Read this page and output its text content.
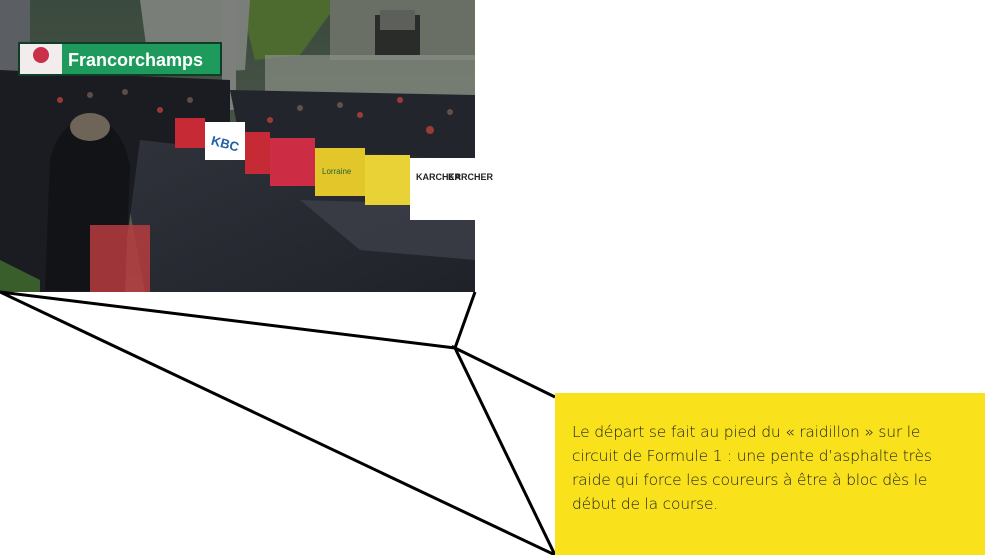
KBC
Lorraine
KARCHER
KARCHER
Francorchamps

Le départ se fait au pied du « raidillon » sur le circuit de Formule 1 : une pente d’asphalte très raide qui force les coureurs à être à bloc dès le début de la course.
